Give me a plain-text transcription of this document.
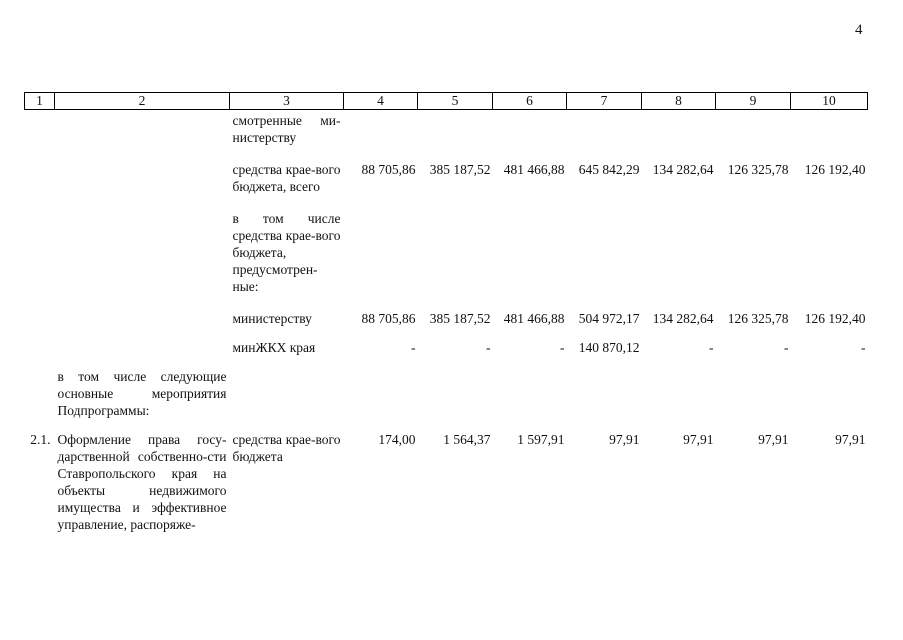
4
1	2	3	4	5	6	7	8	9	10
		смотренные ми-нистерству							
		средства крае-вого бюджета, всего	88 705,86	385 187,52	481 466,88	645 842,29	134 282,64	126 325,78	126 192,40
		в том числе средства крае-вого бюджета, предусмотрен-ные:							
		министерству	88 705,86	385 187,52	481 466,88	504 972,17	134 282,64	126 325,78	126 192,40
		минЖКХ края	-	-	-	140 870,12	-	-	-
	в том числе следующие основные мероприятия Подпрограммы:								
2.1.	Оформление права госу-дарственной собственно-сти Ставропольского края на объекты недвижимого имущества и эффективное управление, распоряже-	средства крае-вого бюджета	174,00	1 564,37	1 597,91	97,91	97,91	97,91	97,91
